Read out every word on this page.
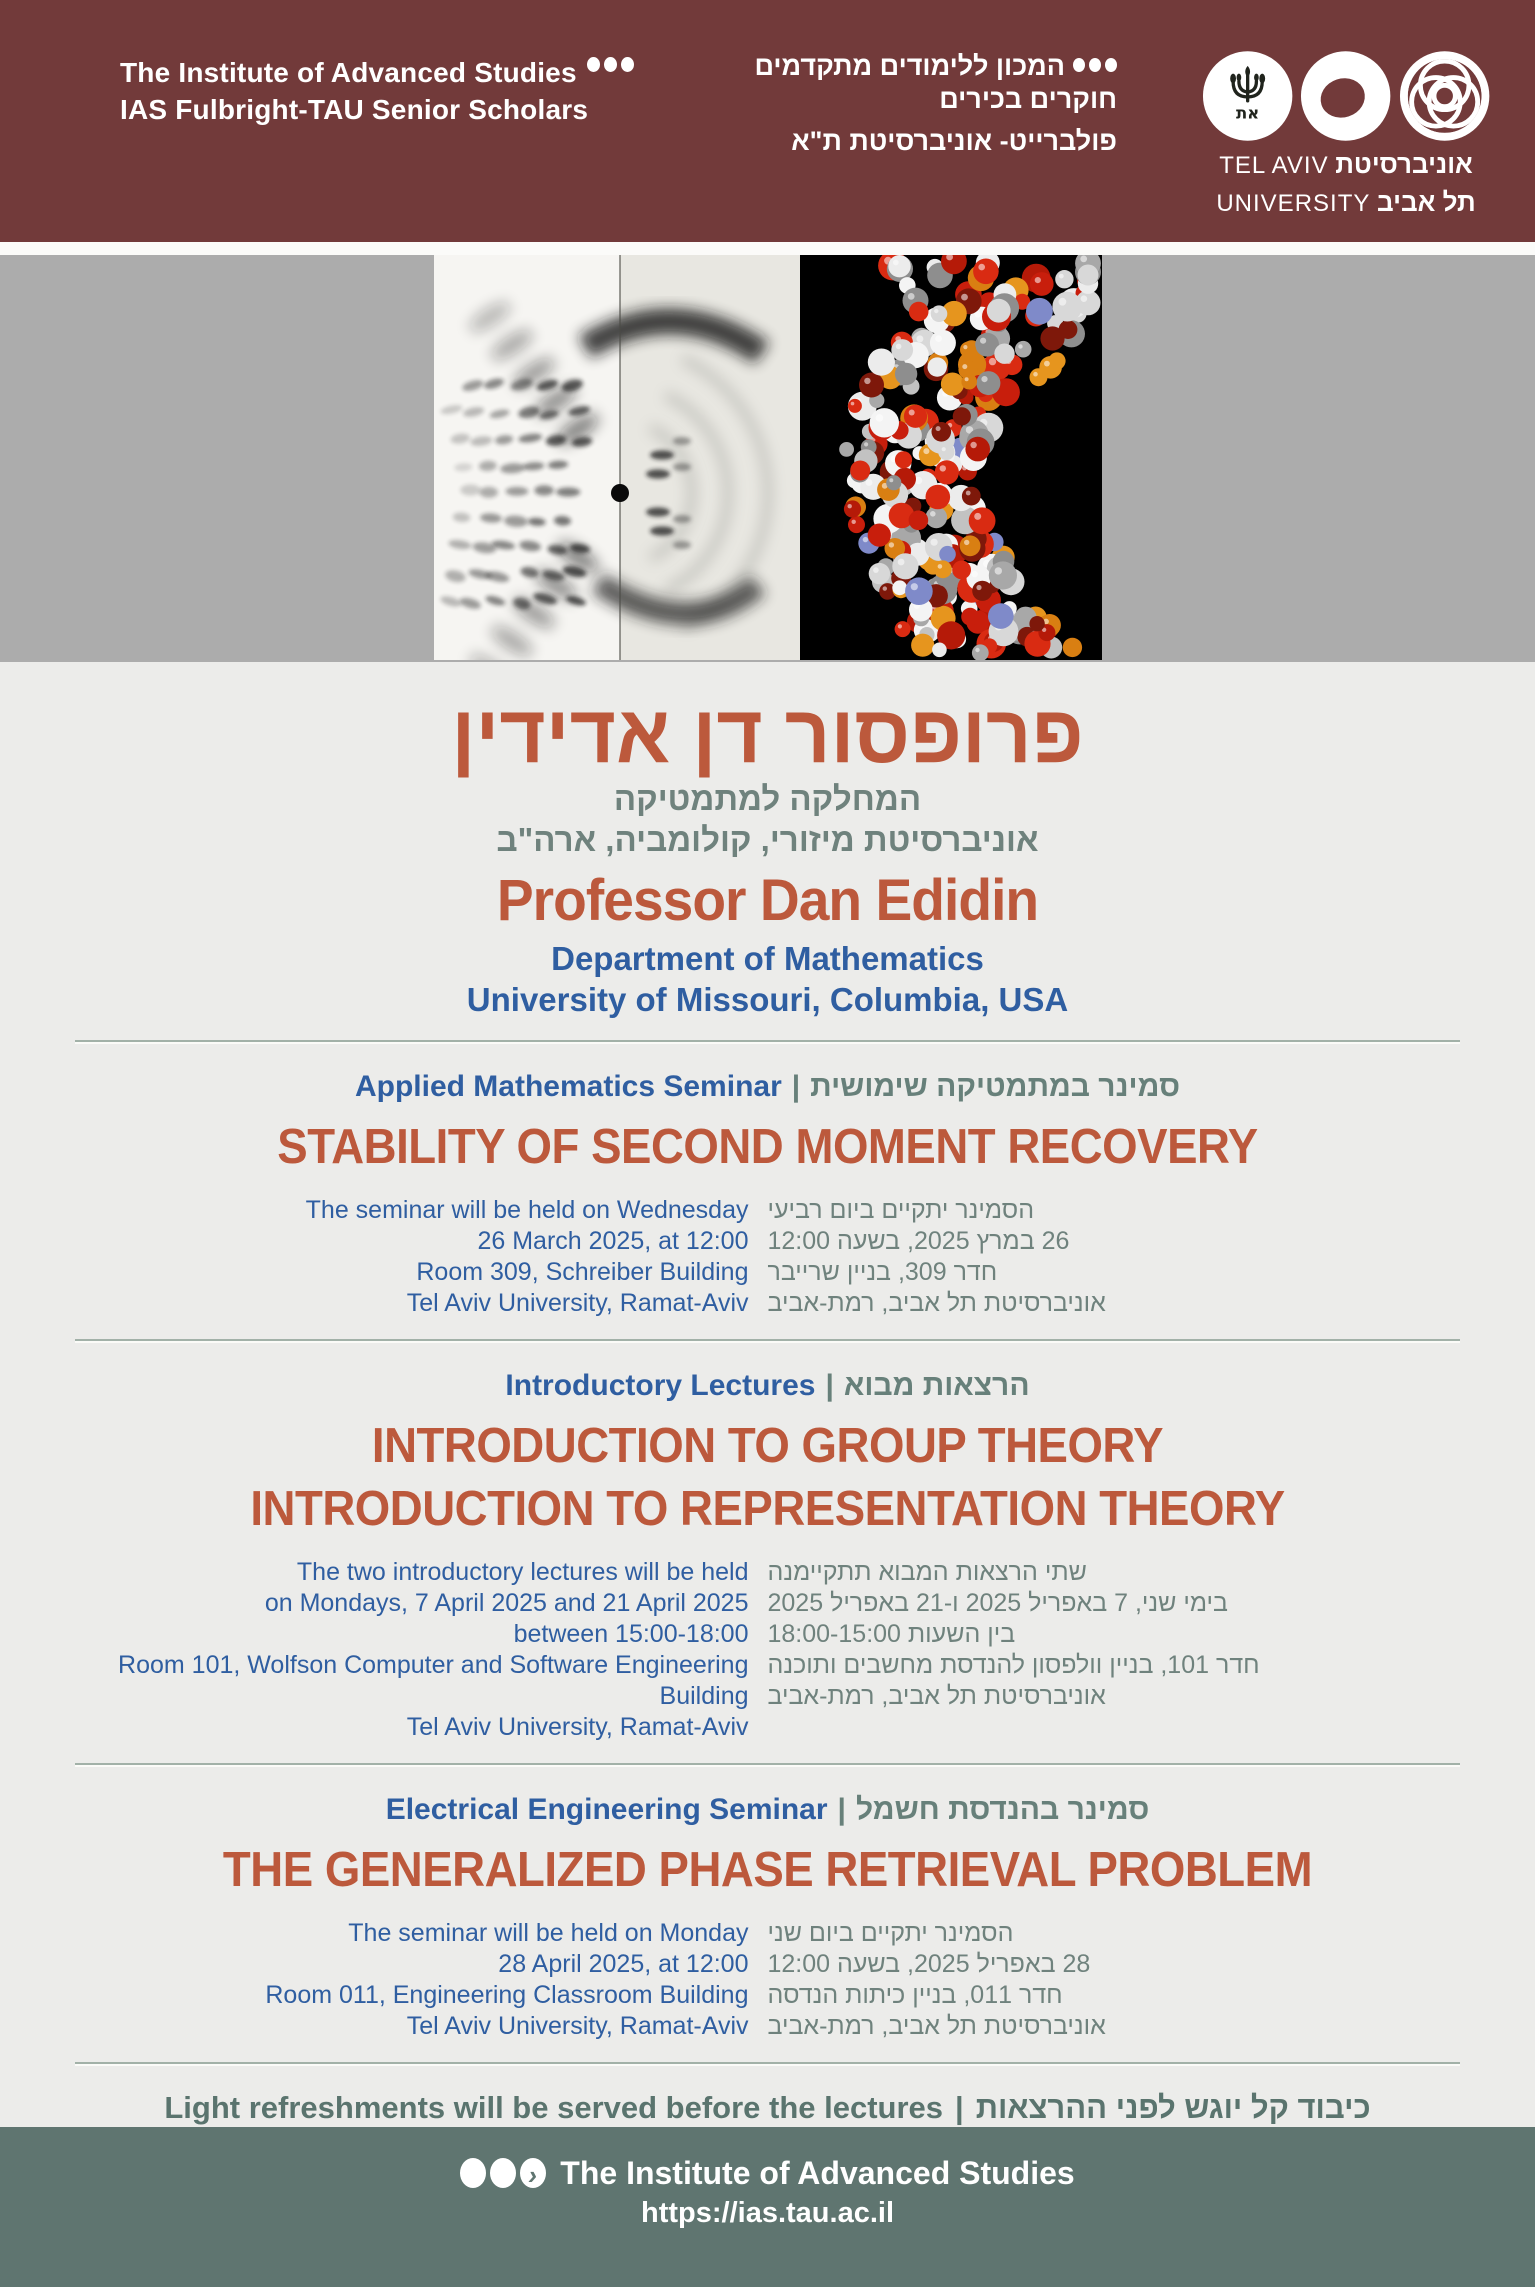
The Institute of Advanced Studies
IAS Fulbright-TAU Senior Scholars
המכון ללימודים מתקדמים
חוקרים בכירים
פולברייט- אוניברסיטת ת"א
את
TEL AVIV אוניברסיטת
UNIVERSITY תל אביב
פרופסור דן אדידין
המחלקה למתמטיקה
אוניברסיטת מיזורי, קולומביה, ארה"ב
Professor Dan Edidin
Department of Mathematics
University of Missouri, Columbia, USA
Applied Mathematics Seminar | סמינר במתמטיקה שימושית
STABILITY OF SECOND MOMENT RECOVERY
The seminar will be held on Wednesday
26 March 2025, at 12:00
Room 309, Schreiber Building
Tel Aviv University, Ramat-Aviv
הסמינר יתקיים ביום רביעי
26 במרץ 2025, בשעה 12:00
חדר 309, בניין שרייבר
אוניברסיטת תל אביב, רמת-אביב
Introductory Lectures | הרצאות מבוא
INTRODUCTION TO GROUP THEORY
INTRODUCTION TO REPRESENTATION THEORY
The two introductory lectures will be held
on Mondays, 7 April 2025 and 21 April 2025
between 15:00-18:00
Room 101, Wolfson Computer and Software Engineering Building
Tel Aviv University, Ramat-Aviv
שתי הרצאות המבוא תתקיימנה
בימי שני, 7 באפריל 2025 ו-21 באפריל 2025
בין השעות 18:00-15:00
חדר 101, בניין וולפסון להנדסת מחשבים ותוכנה
אוניברסיטת תל אביב, רמת-אביב
Electrical Engineering Seminar | סמינר בהנדסת חשמל
THE GENERALIZED PHASE RETRIEVAL PROBLEM
The seminar will be held on Monday
28 April 2025, at 12:00
Room 011, Engineering Classroom Building
Tel Aviv University, Ramat-Aviv
הסמינר יתקיים ביום שני
28 באפריל 2025, בשעה 12:00
חדר 011, בניין כיתות הנדסה
אוניברסיטת תל אביב, רמת-אביב
Light refreshments will be served before the lectures | כיבוד קל יוגש לפני ההרצאות
›
The Institute of Advanced Studies
https://ias.tau.ac.il
